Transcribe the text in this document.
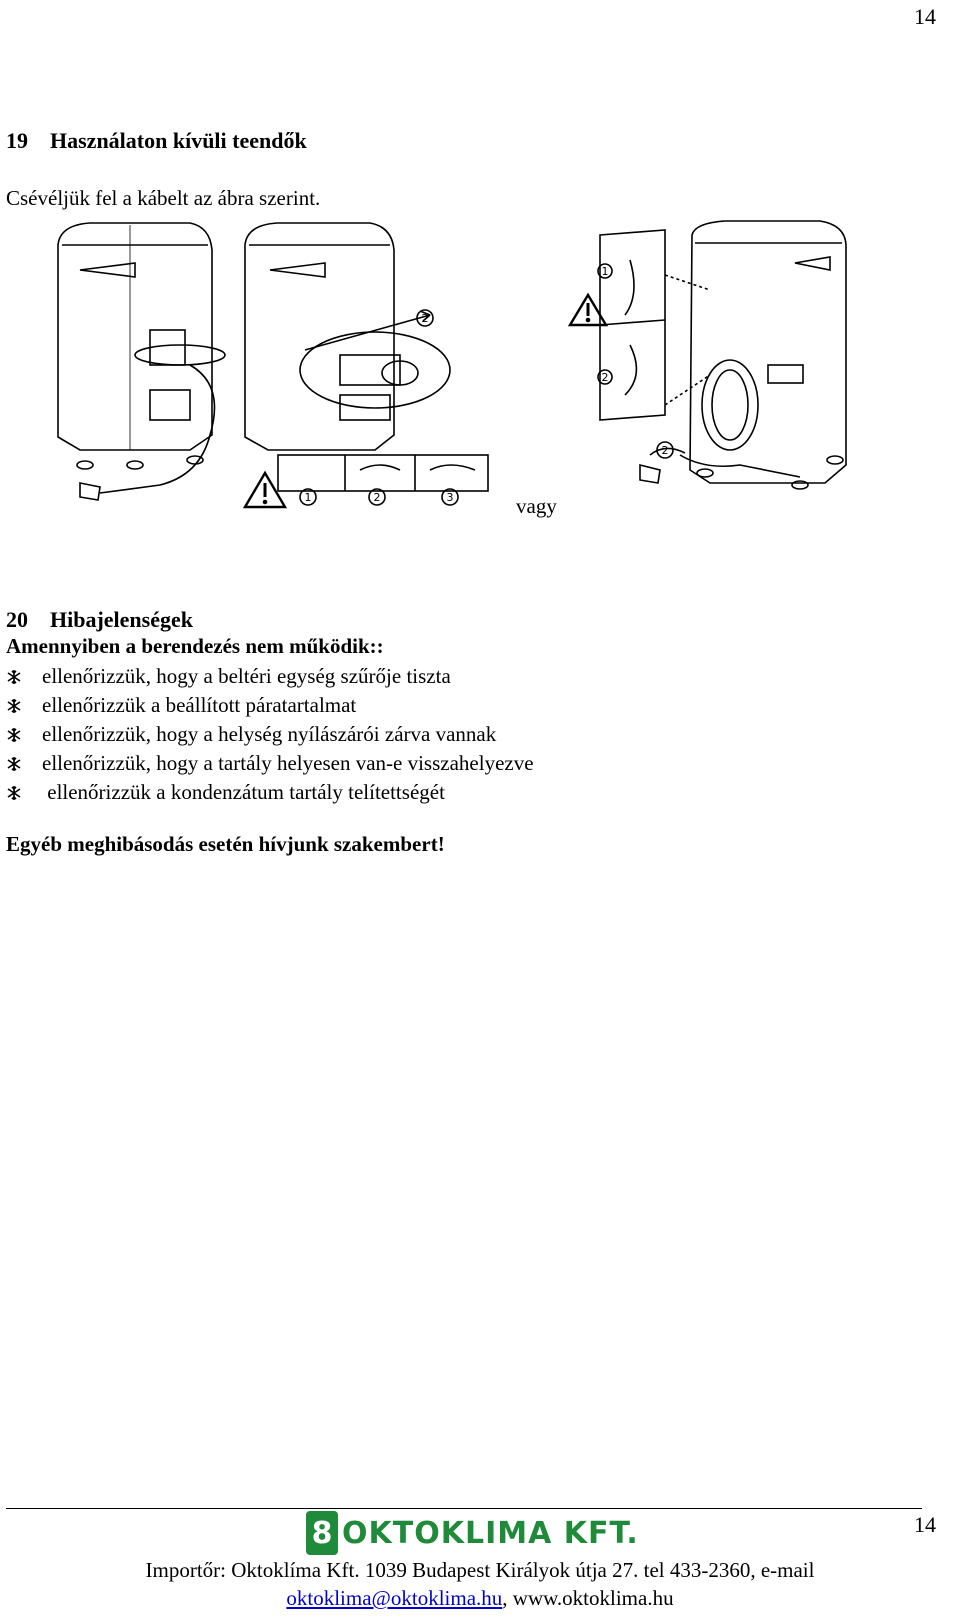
14
19 Használaton kívüli teendők
Csévéljük fel a kábelt az ábra szerint.
1	2	3
2
1
2
2
vagy
20 Hibajelenségek
Amennyiben a berendezés nem működik::
ellenőrizzük, hogy a beltéri egység szűrője tiszta
ellenőrizzük a beállított páratartalmat
ellenőrizzük, hogy a helység nyílászárói zárva vannak
ellenőrizzük, hogy a tartály helyesen van-e visszahelyezve
ellenőrizzük a kondenzátum tartály telítettségét
Egyéb meghibásodás esetén hívjunk szakembert!
14
8 OKTOKLIMA KFT.
Importőr: Oktoklíma Kft. 1039 Budapest Királyok útja 27. tel 433-2360, e-mail
oktoklima@oktoklima.hu, www.oktoklima.hu
